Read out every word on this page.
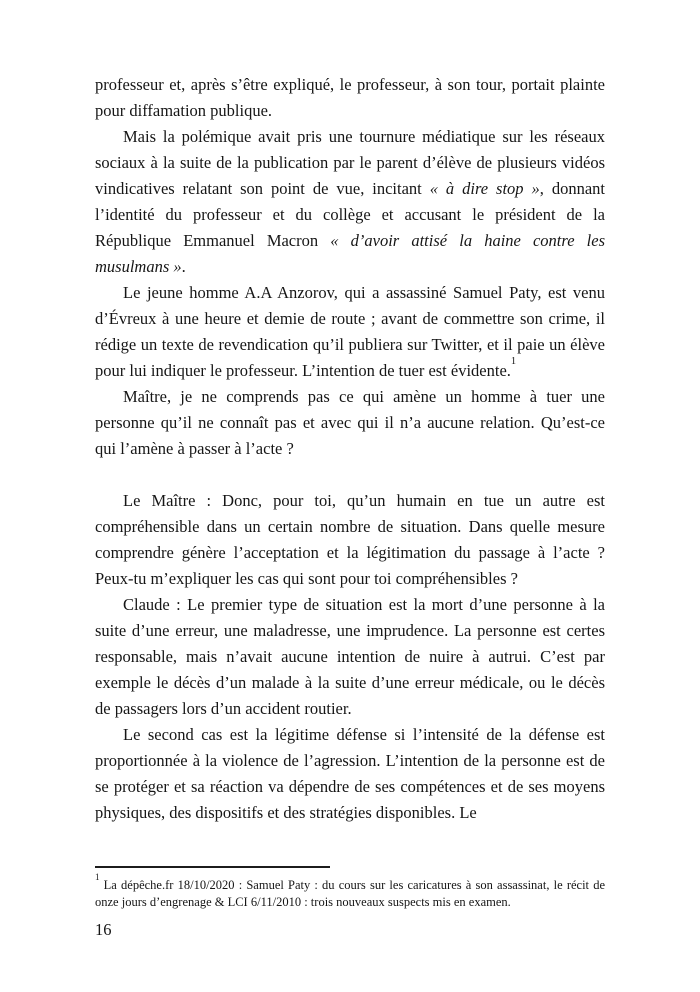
professeur et, après s’être expliqué, le professeur, à son tour, portait plainte pour diffamation publique.

Mais la polémique avait pris une tournure médiatique sur les réseaux sociaux à la suite de la publication par le parent d’élève de plusieurs vidéos vindicatives relatant son point de vue, incitant « à dire stop », donnant l’identité du professeur et du collège et accusant le président de la République Emmanuel Macron « d’avoir attisé la haine contre les musulmans ».

Le jeune homme A.A Anzorov, qui a assassiné Samuel Paty, est venu d’Évreux à une heure et demie de route ; avant de commettre son crime, il rédige un texte de revendication qu’il publiera sur Twitter, et il paie un élève pour lui indiquer le professeur. L’intention de tuer est évidente.$^1$

Maître, je ne comprends pas ce qui amène un homme à tuer une personne qu’il ne connaît pas et avec qui il n’a aucune relation. Qu’est-ce qui l’amène à passer à l’acte ?

Le Maître : Donc, pour toi, qu’un humain en tue un autre est compréhensible dans un certain nombre de situation. Dans quelle mesure comprendre génère l’acceptation et la légitimation du passage à l’acte ? Peux-tu m’expliquer les cas qui sont pour toi compréhensibles ?

Claude : Le premier type de situation est la mort d’une personne à la suite d’une erreur, une maladresse, une imprudence. La personne est certes responsable, mais n’avait aucune intention de nuire à autrui. C’est par exemple le décès d’un malade à la suite d’une erreur médicale, ou le décès de passagers lors d’un accident routier.

Le second cas est la légitime défense si l’intensité de la défense est proportionnée à la violence de l’agression. L’intention de la personne est de se protéger et sa réaction va dépendre de ses compétences et de ses moyens physiques, des dispositifs et des stratégies disponibles. Le

$^1$ La dépêche.fr 18/10/2020 : Samuel Paty : du cours sur les caricatures à son assassinat, le récit de onze jours d’engrenage & LCI 6/11/2010 : trois nouveaux suspects mis en examen.

16
